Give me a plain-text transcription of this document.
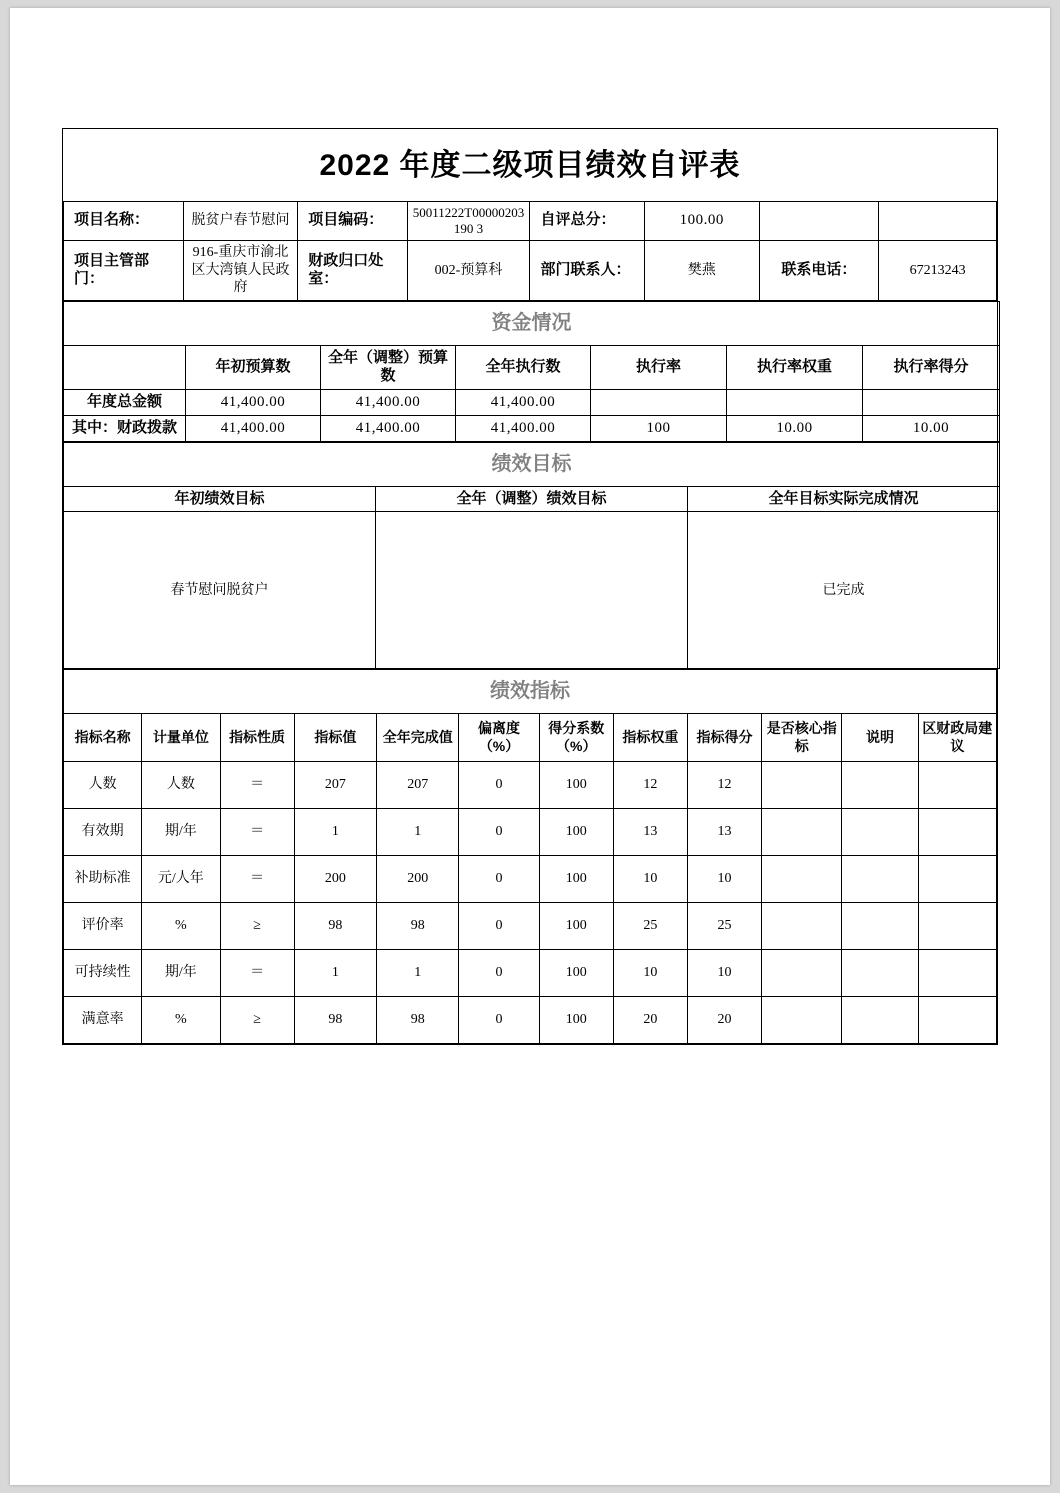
2022 年度二级项目绩效自评表							
项目名称：	脱贫户春节慰问	项目编码：	50011222T00000203190 3	自评总分：	100.00		
项目主管部门：	916-重庆市渝北区大湾镇人民政府	财政归口处室：	002-预算科	部门联系人：	樊燕	联系电话：	67213243
资金情况						
	年初预算数	全年（调整）预算数	全年执行数	执行率	执行率权重	执行率得分
年度总金额	41,400.00	41,400.00	41,400.00			
其中：财政拨款	41,400.00	41,400.00	41,400.00	100	10.00	10.00
绩效目标		
年初绩效目标	全年（调整）绩效目标	全年目标实际完成情况
春节慰问脱贫户		已完成
绩效指标											
指标名称	计量单位	指标性质	指标值	全年完成值	偏离度（%）	得分系数（%）	指标权重	指标得分	是否核心指标	说明	区财政局建议
人数	人数	＝	207	207	0	100	12	12			
有效期	期/年	＝	1	1	0	100	13	13			
补助标准	元/人年	＝	200	200	0	100	10	10			
评价率	%	≥	98	98	0	100	25	25			
可持续性	期/年	＝	1	1	0	100	10	10			
满意率	%	≥	98	98	0	100	20	20			
